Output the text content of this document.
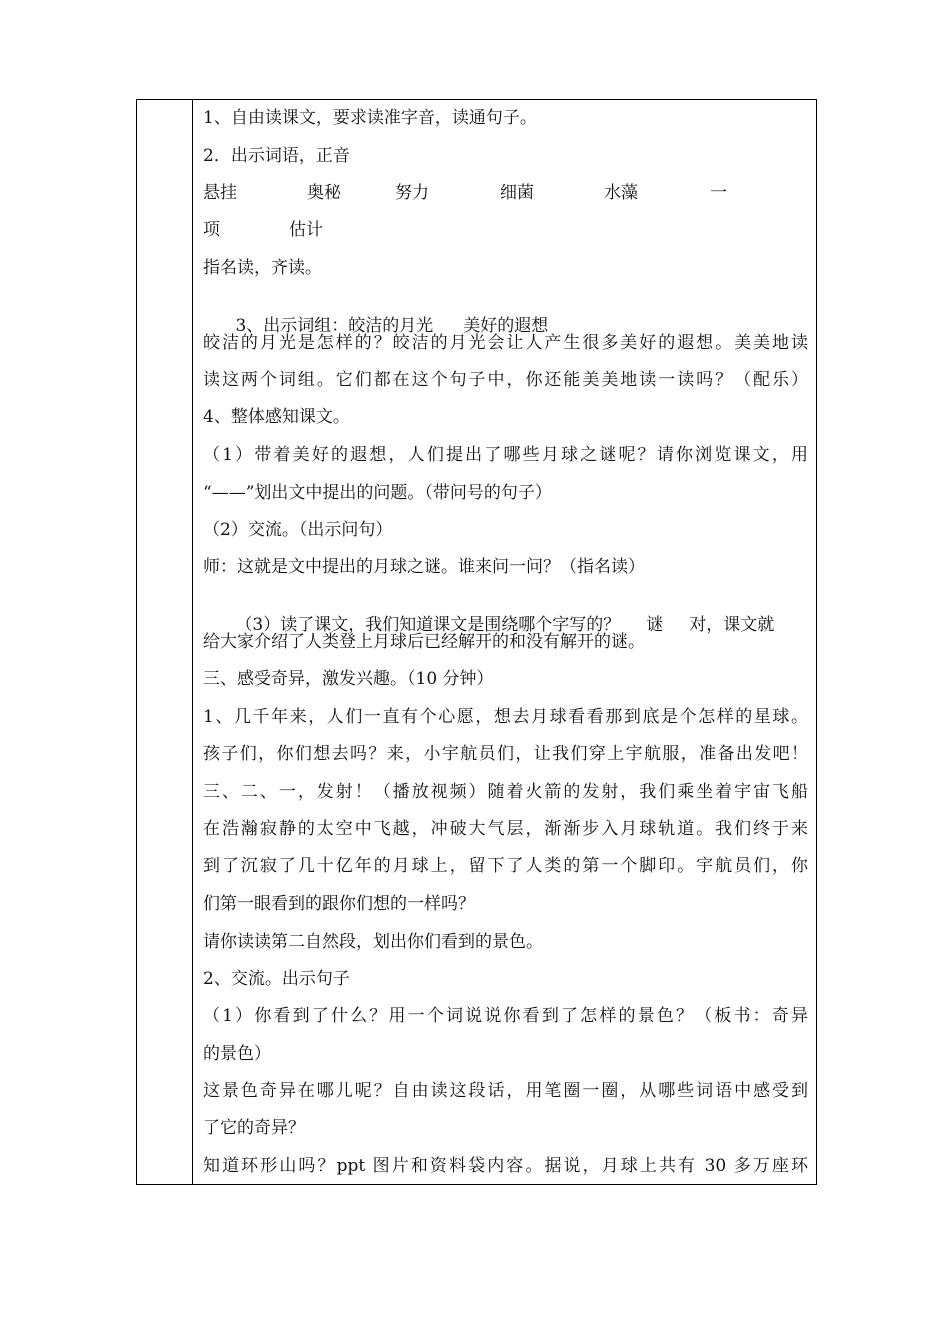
1、自由读课文，要求读准字音，读通句子。
2．出示词语，正音
悬挂	奥秘	努力	细菌	水藻	一
项	估计
指名读，齐读。

3、出示词组：皎洁的月光 美好的遐想

皎洁的月光是怎样的？皎洁的月光会让人产生很多美好的遐想。美美地读
读这两个词组。它们都在这个句子中，你还能美美地读一读吗？（配乐）
4、整体感知课文。
（1）带着美好的遐想，人们提出了哪些月球之谜呢？请你浏览课文，用
“——”划出文中提出的问题。（带问号的句子）
（2）交流。（出示问句）
师：这就是文中提出的月球之谜。谁来问一问？（指名读）

（3）读了课文，我们知道课文是围绕哪个字写的？ 谜 对，课文就

给大家介绍了人类登上月球后已经解开的和没有解开的谜。
三、感受奇异，激发兴趣。（10 分钟）
1、几千年来，人们一直有个心愿，想去月球看看那到底是个怎样的星球。
孩子们，你们想去吗？来，小宇航员们，让我们穿上宇航服，准备出发吧！
三、二、一，发射！（播放视频）随着火箭的发射，我们乘坐着宇宙飞船
在浩瀚寂静的太空中飞越，冲破大气层，渐渐步入月球轨道。我们终于来
到了沉寂了几十亿年的月球上，留下了人类的第一个脚印。宇航员们，你
们第一眼看到的跟你们想的一样吗？
请你读读第二自然段，划出你们看到的景色。
2、交流。出示句子
（1）你看到了什么？用一个词说说你看到了怎样的景色？（板书：奇异
的景色）
这景色奇异在哪儿呢？自由读这段话，用笔圈一圈，从哪些词语中感受到
了它的奇异？
知道环形山吗？ppt 图片和资料袋内容。据说，月球上共有 30 多万座环
